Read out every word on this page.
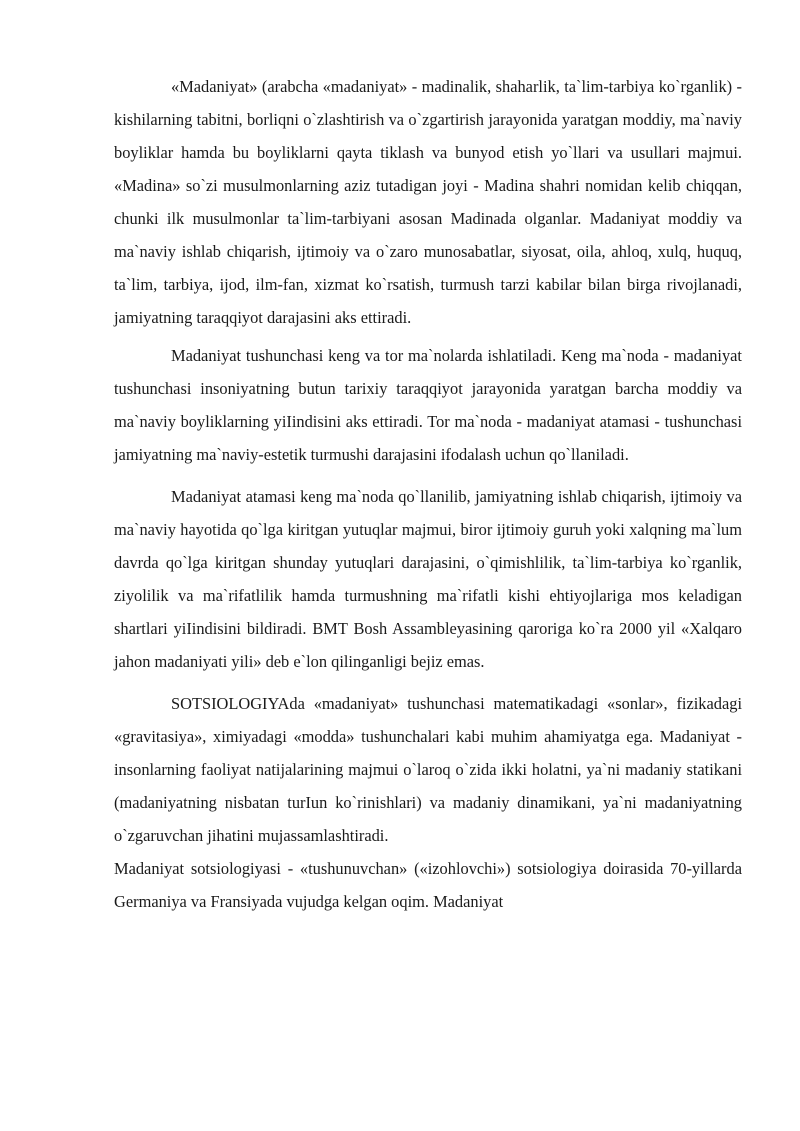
«Madaniyat» (arabcha «madaniyat» - madinalik, shaharlik, ta`lim-tarbiya ko`rganlik) - kishilarning tabitni, borliqni o`zlashtirish va o`zgartirish jarayonida yaratgan moddiy, ma`naviy boyliklar hamda bu boyliklarni qayta tiklash va bunyod etish yo`llari va usullari majmui. «Madina» so`zi musulmonlarning aziz tutadigan joyi - Madina shahri nomidan kelib chiqqan, chunki ilk musulmonlar ta`lim-tarbiyani asosan Madinada olganlar. Madaniyat moddiy va ma`naviy ishlab chiqarish, ijtimoiy va o`zaro munosabatlar, siyosat, oila, ahloq, xulq, huquq, ta`lim, tarbiya, ijod, ilm-fan, xizmat ko`rsatish, turmush tarzi kabilar bilan birga rivojlanadi, jamiyatning taraqqiyot darajasini aks ettiradi.

Madaniyat tushunchasi keng va tor ma`nolarda ishlatiladi. Keng ma`noda - madaniyat tushunchasi insoniyatning butun tarixiy taraqqiyot jarayonida yaratgan barcha moddiy va ma`naviy boyliklarning yiIindisini aks ettiradi. Tor ma`noda - madaniyat atamasi - tushunchasi jamiyatning ma`naviy-estetik turmushi darajasini ifodalash uchun qo`llaniladi.

Madaniyat atamasi keng ma`noda qo`llanilib, jamiyatning ishlab chiqarish, ijtimoiy va ma`naviy hayotida qo`lga kiritgan yutuqlar majmui, biror ijtimoiy guruh yoki xalqning ma`lum davrda qo`lga kiritgan shunday yutuqlari darajasini, o`qimishlilik, ta`lim-tarbiya ko`rganlik, ziyolilik va ma`rifatlilik hamda turmushning ma`rifatli kishi ehtiyojlariga mos keladigan shartlari yiIindisini bildiradi. BMT Bosh Assambleyasining qaroriga ko`ra 2000 yil «Xalqaro jahon madaniyati yili» deb e`lon qilinganligi bejiz emas.

SOTSIOLOGIYAda «madaniyat» tushunchasi matematikadagi «sonlar», fizikadagi «gravitasiya», ximiyadagi «modda» tushunchalari kabi muhim ahamiyatga ega. Madaniyat - insonlarning faoliyat natijalarining majmui o`laroq o`zida ikki holatni, ya`ni madaniy statikani (madaniyatning nisbatan turIun ko`rinishlari) va madaniy dinamikani, ya`ni madaniyatning o`zgaruvchan jihatini mujassamlashtiradi.

Madaniyat sotsiologiyasi - «tushunuvchan» («izohlovchi») sotsiologiya doirasida 70-yillarda Germaniya va Fransiyada vujudga kelgan oqim. Madaniyat
